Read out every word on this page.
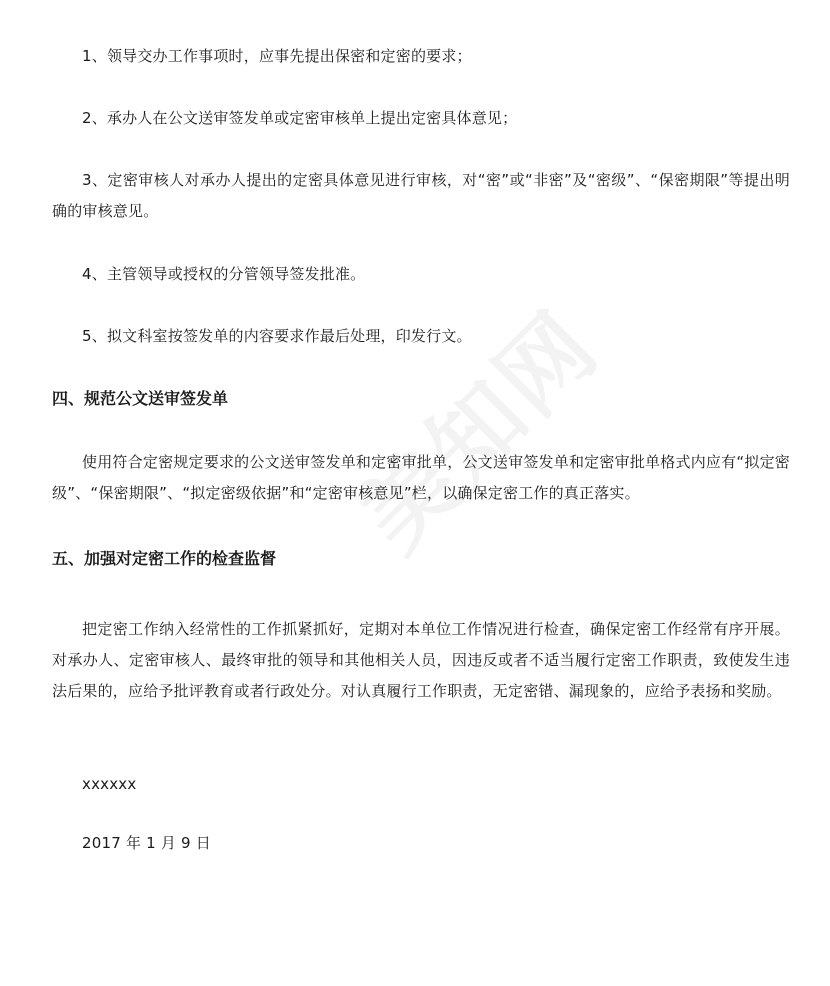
1、领导交办工作事项时，应事先提出保密和定密的要求；

2、承办人在公文送审签发单或定密审核单上提出定密具体意见；

3、定密审核人对承办人提出的定密具体意见进行审核，对“密”或“非密”及“密级”、“保密期限”等提出明确的审核意见。

4、主管领导或授权的分管领导签发批准。

5、拟文科室按签发单的内容要求作最后处理，印发行文。

四、规范公文送审签发单

使用符合定密规定要求的公文送审签发单和定密审批单，公文送审签发单和定密审批单格式内应有“拟定密级”、“保密期限”、“拟定密级依据”和“定密审核意见”栏，以确保定密工作的真正落实。

五、加强对定密工作的检查监督

把定密工作纳入经常性的工作抓紧抓好，定期对本单位工作情况进行检查，确保定密工作经常有序开展。对承办人、定密审核人、最终审批的领导和其他相关人员，因违反或者不适当履行定密工作职责，致使发生违法后果的，应给予批评教育或者行政处分。对认真履行工作职责，无定密错、漏现象的，应给予表扬和奖励。

xxxxxx

2017 年 1 月 9 日
